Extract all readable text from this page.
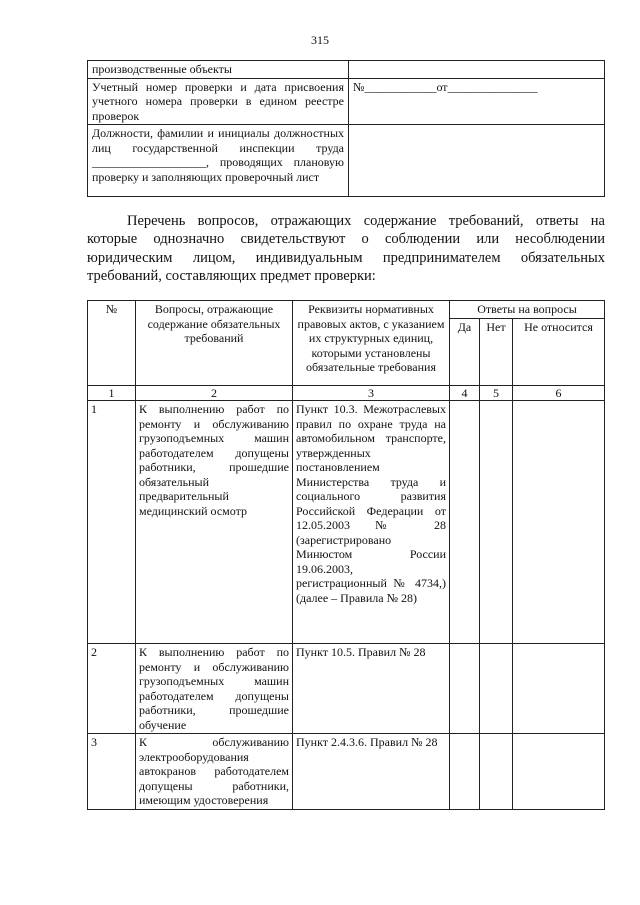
315
производственные объекты	
Учетный номер проверки и дата присвоения учетного номера проверки в едином реестре проверок	№____________от_______________
Должности, фамилии и инициалы должностных лиц государственной инспекции труда ___________________, проводящих плановую проверку и заполняющих проверочный лист	

Перечень вопросов, отражающих содержание требований, ответы на которые однозначно свидетельствуют о соблюдении или несоблюдении юридическим лицом, индивидуальным предпринимателем обязательных требований, составляющих предмет проверки:

№	Вопросы, отражающие содержание обязательных требований	Реквизиты нормативных правовых актов, с указанием их структурных единиц, которыми установлены обязательные требования	Ответы на вопросы		
			Да	Нет	Не относится
1	2	3	4	5	6
1	К выполнению работ по ремонту и обслуживанию грузоподъемных машин работодателем допущены работники, прошедшие обязательный предварительный медицинский осмотр	Пункт 10.3. Межотраслевых правил по охране труда на автомобильном транспорте, утвержденных постановлением Министерства труда и социального развития Российской Федерации от 12.05.2003 № 28 (зарегистрировано Минюстом России 19.06.2003, регистрационный № 4734,) (далее – Правила № 28)			
2	К выполнению работ по ремонту и обслуживанию грузоподъемных машин работодателем допущены работники, прошедшие обучение	Пункт 10.5. Правил № 28			
3	К обслуживанию электрооборудования автокранов работодателем допущены работники, имеющим удостоверения	Пункт 2.4.3.6. Правил № 28			
